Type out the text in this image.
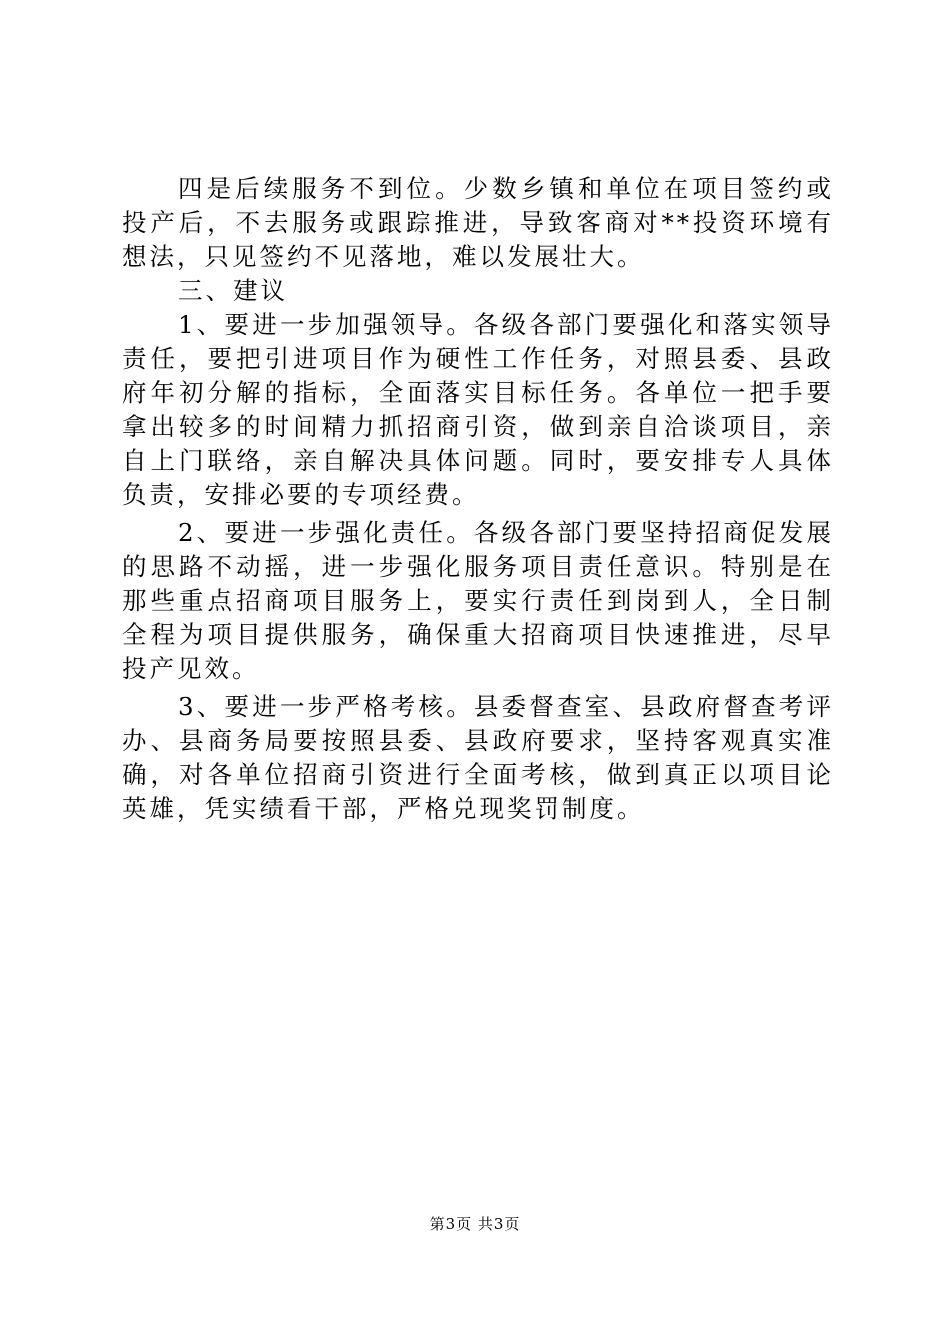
四是后续服务不到位。少数乡镇和单位在项目签约或投产后，不去服务或跟踪推进，导致客商对**投资环境有想法，只见签约不见落地，难以发展壮大。

三、建议

1、要进一步加强领导。各级各部门要强化和落实领导责任，要把引进项目作为硬性工作任务，对照县委、县政府年初分解的指标，全面落实目标任务。各单位一把手要拿出较多的时间精力抓招商引资，做到亲自洽谈项目，亲自上门联络，亲自解决具体问题。同时，要安排专人具体负责，安排必要的专项经费。

2、要进一步强化责任。各级各部门要坚持招商促发展的思路不动摇，进一步强化服务项目责任意识。特别是在那些重点招商项目服务上，要实行责任到岗到人，全日制全程为项目提供服务，确保重大招商项目快速推进，尽早投产见效。

3、要进一步严格考核。县委督查室、县政府督查考评办、县商务局要按照县委、县政府要求，坚持客观真实准确，对各单位招商引资进行全面考核，做到真正以项目论英雄，凭实绩看干部，严格兑现奖罚制度。

第3页 共3页
